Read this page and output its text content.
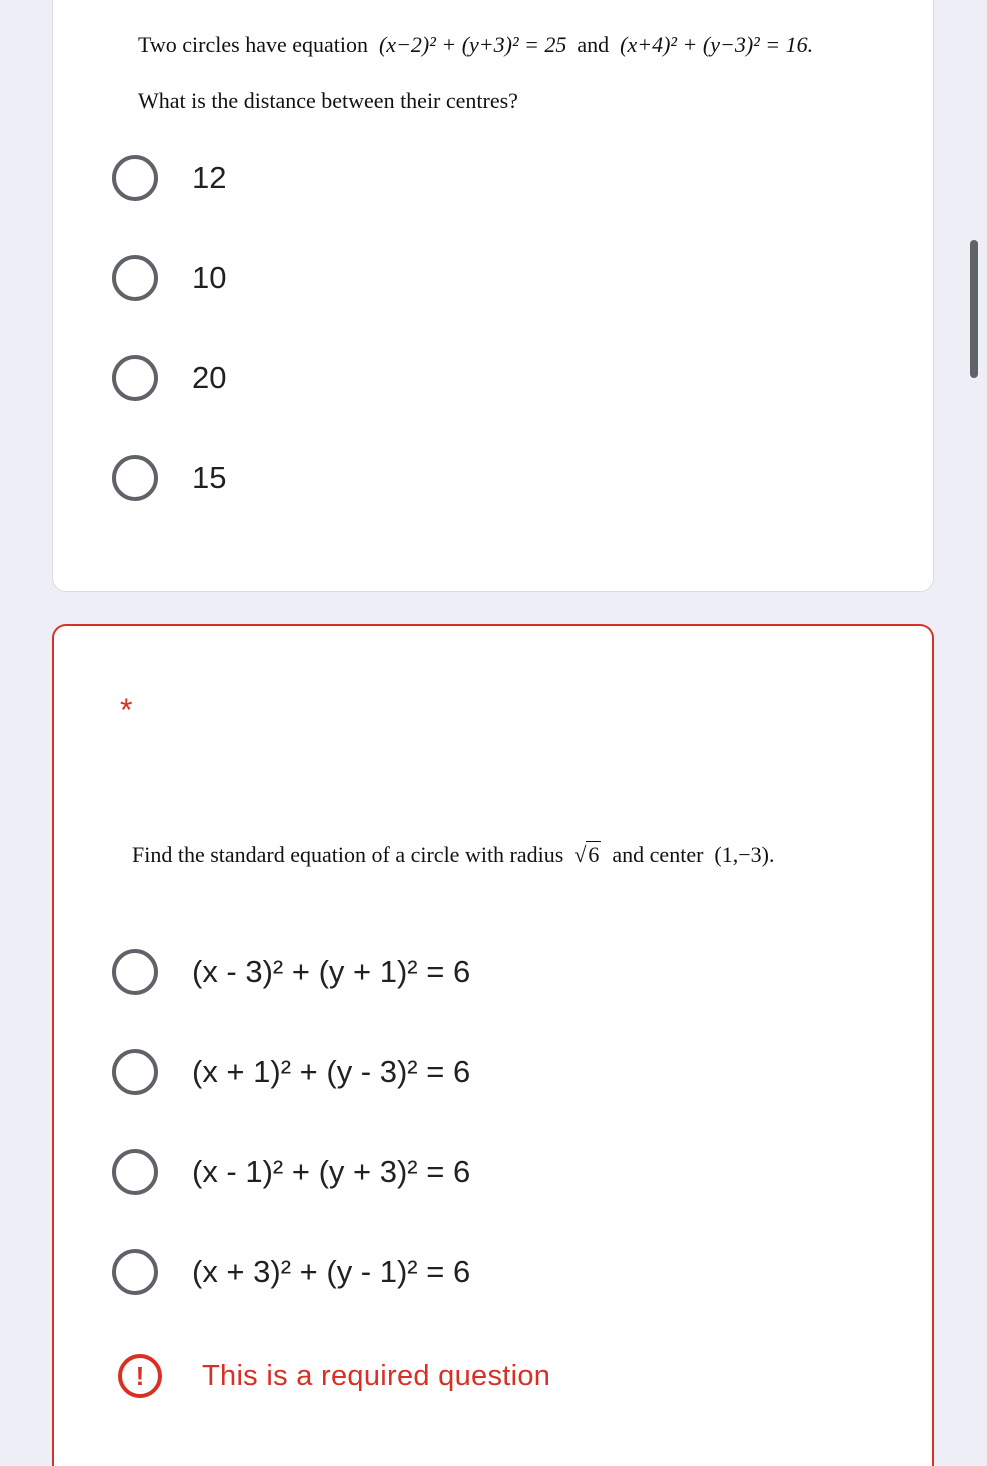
Two circles have equation (x−2)² + (y+3)² = 25 and (x+4)² + (y−3)² = 16.
What is the distance between their centres?
12
10
20
15
*
Find the standard equation of a circle with radius √6 and center (1,−3).
(x - 3)² + (y + 1)² = 6
(x + 1)² + (y - 3)² = 6
(x - 1)² + (y + 3)² = 6
(x + 3)² + (y - 1)² = 6
!	This is a required question
